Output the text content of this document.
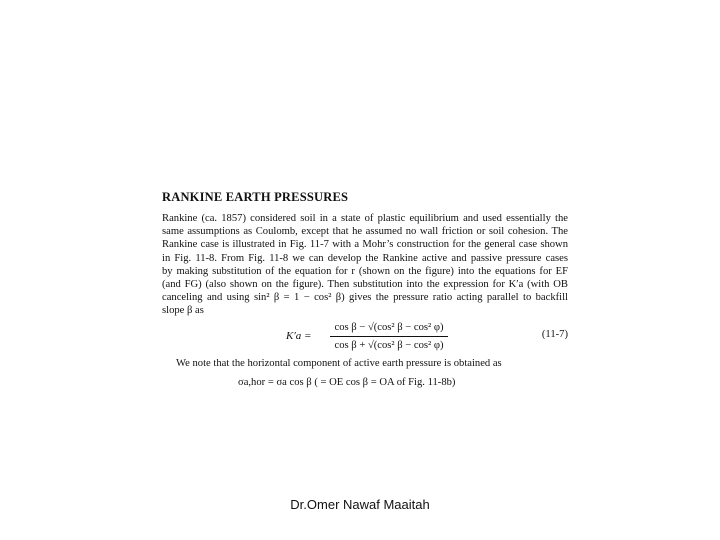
RANKINE EARTH PRESSURES
Rankine (ca. 1857) considered soil in a state of plastic equilibrium and used essentially the
same assumptions as Coulomb, except that he assumed no wall friction or soil cohesion. The
Rankine case is illustrated in Fig. 11-7 with a Mohr’s construction for the general case shown
in Fig. 11-8. From Fig. 11-8 we can develop the Rankine active and passive pressure cases
by making substitution of the equation for r (shown on the figure) into the equations for EF
(and FG) (also shown on the figure). Then substitution into the expression for K′a (with OB
canceling and using sin² β = 1 − cos² β) gives the pressure ratio acting parallel to backfill
slope β as
K′a =
cos β − √(cos² β − cos² φ)
cos β + √(cos² β − cos² φ)
(11-7)
We note that the horizontal component of active earth pressure is obtained as
σa,hor = σa cos β ( = OE cos β = OA of Fig. 11-8b)
Dr.Omer Nawaf Maaitah
